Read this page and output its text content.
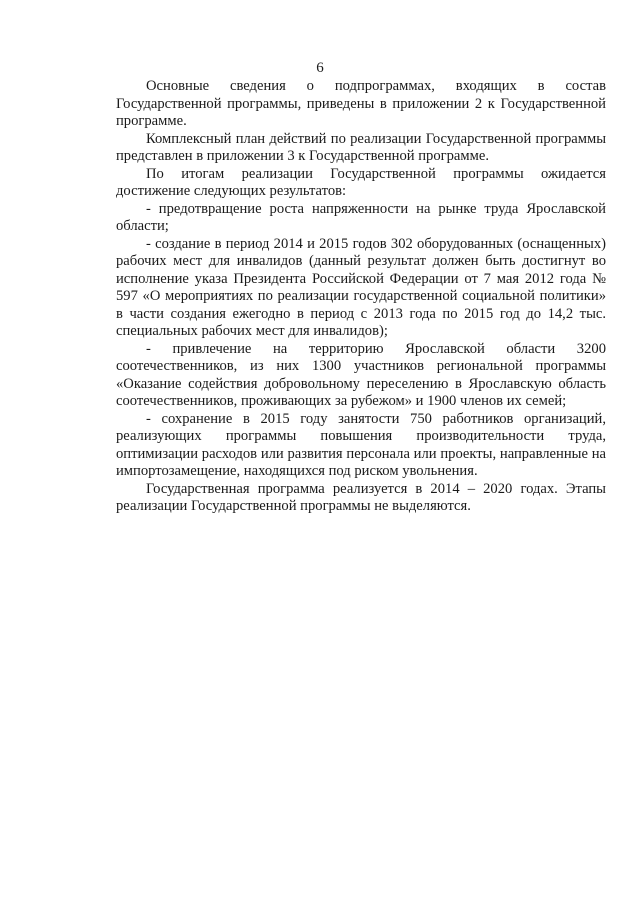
6

Основные сведения о подпрограммах, входящих в состав Государственной программы, приведены в приложении 2 к Государственной программе.

Комплексный план действий по реализации Государственной программы представлен в приложении 3 к Государственной программе.

По итогам реализации Государственной программы ожидается достижение следующих результатов:

- предотвращение роста напряженности на рынке труда Ярославской области;

- создание в период 2014 и 2015 годов 302 оборудованных (оснащенных) рабочих мест для инвалидов (данный результат должен быть достигнут во исполнение указа Президента Российской Федерации от 7 мая 2012 года № 597 «О мероприятиях по реализации государственной социальной политики» в части создания ежегодно в период с 2013 года по 2015 год до 14,2 тыс. специальных рабочих мест для инвалидов);

- привлечение на территорию Ярославской области 3200 соотечественников, из них 1300 участников региональной программы «Оказание содействия добровольному переселению в Ярославскую область соотечественников, проживающих за рубежом» и 1900 членов их семей;

- сохранение в 2015 году занятости 750 работников организаций, реализующих программы повышения производительности труда, оптимизации расходов или развития персонала или проекты, направленные на импортозамещение, находящихся под риском увольнения.

Государственная программа реализуется в 2014 – 2020 годах. Этапы реализации Государственной программы не выделяются.
